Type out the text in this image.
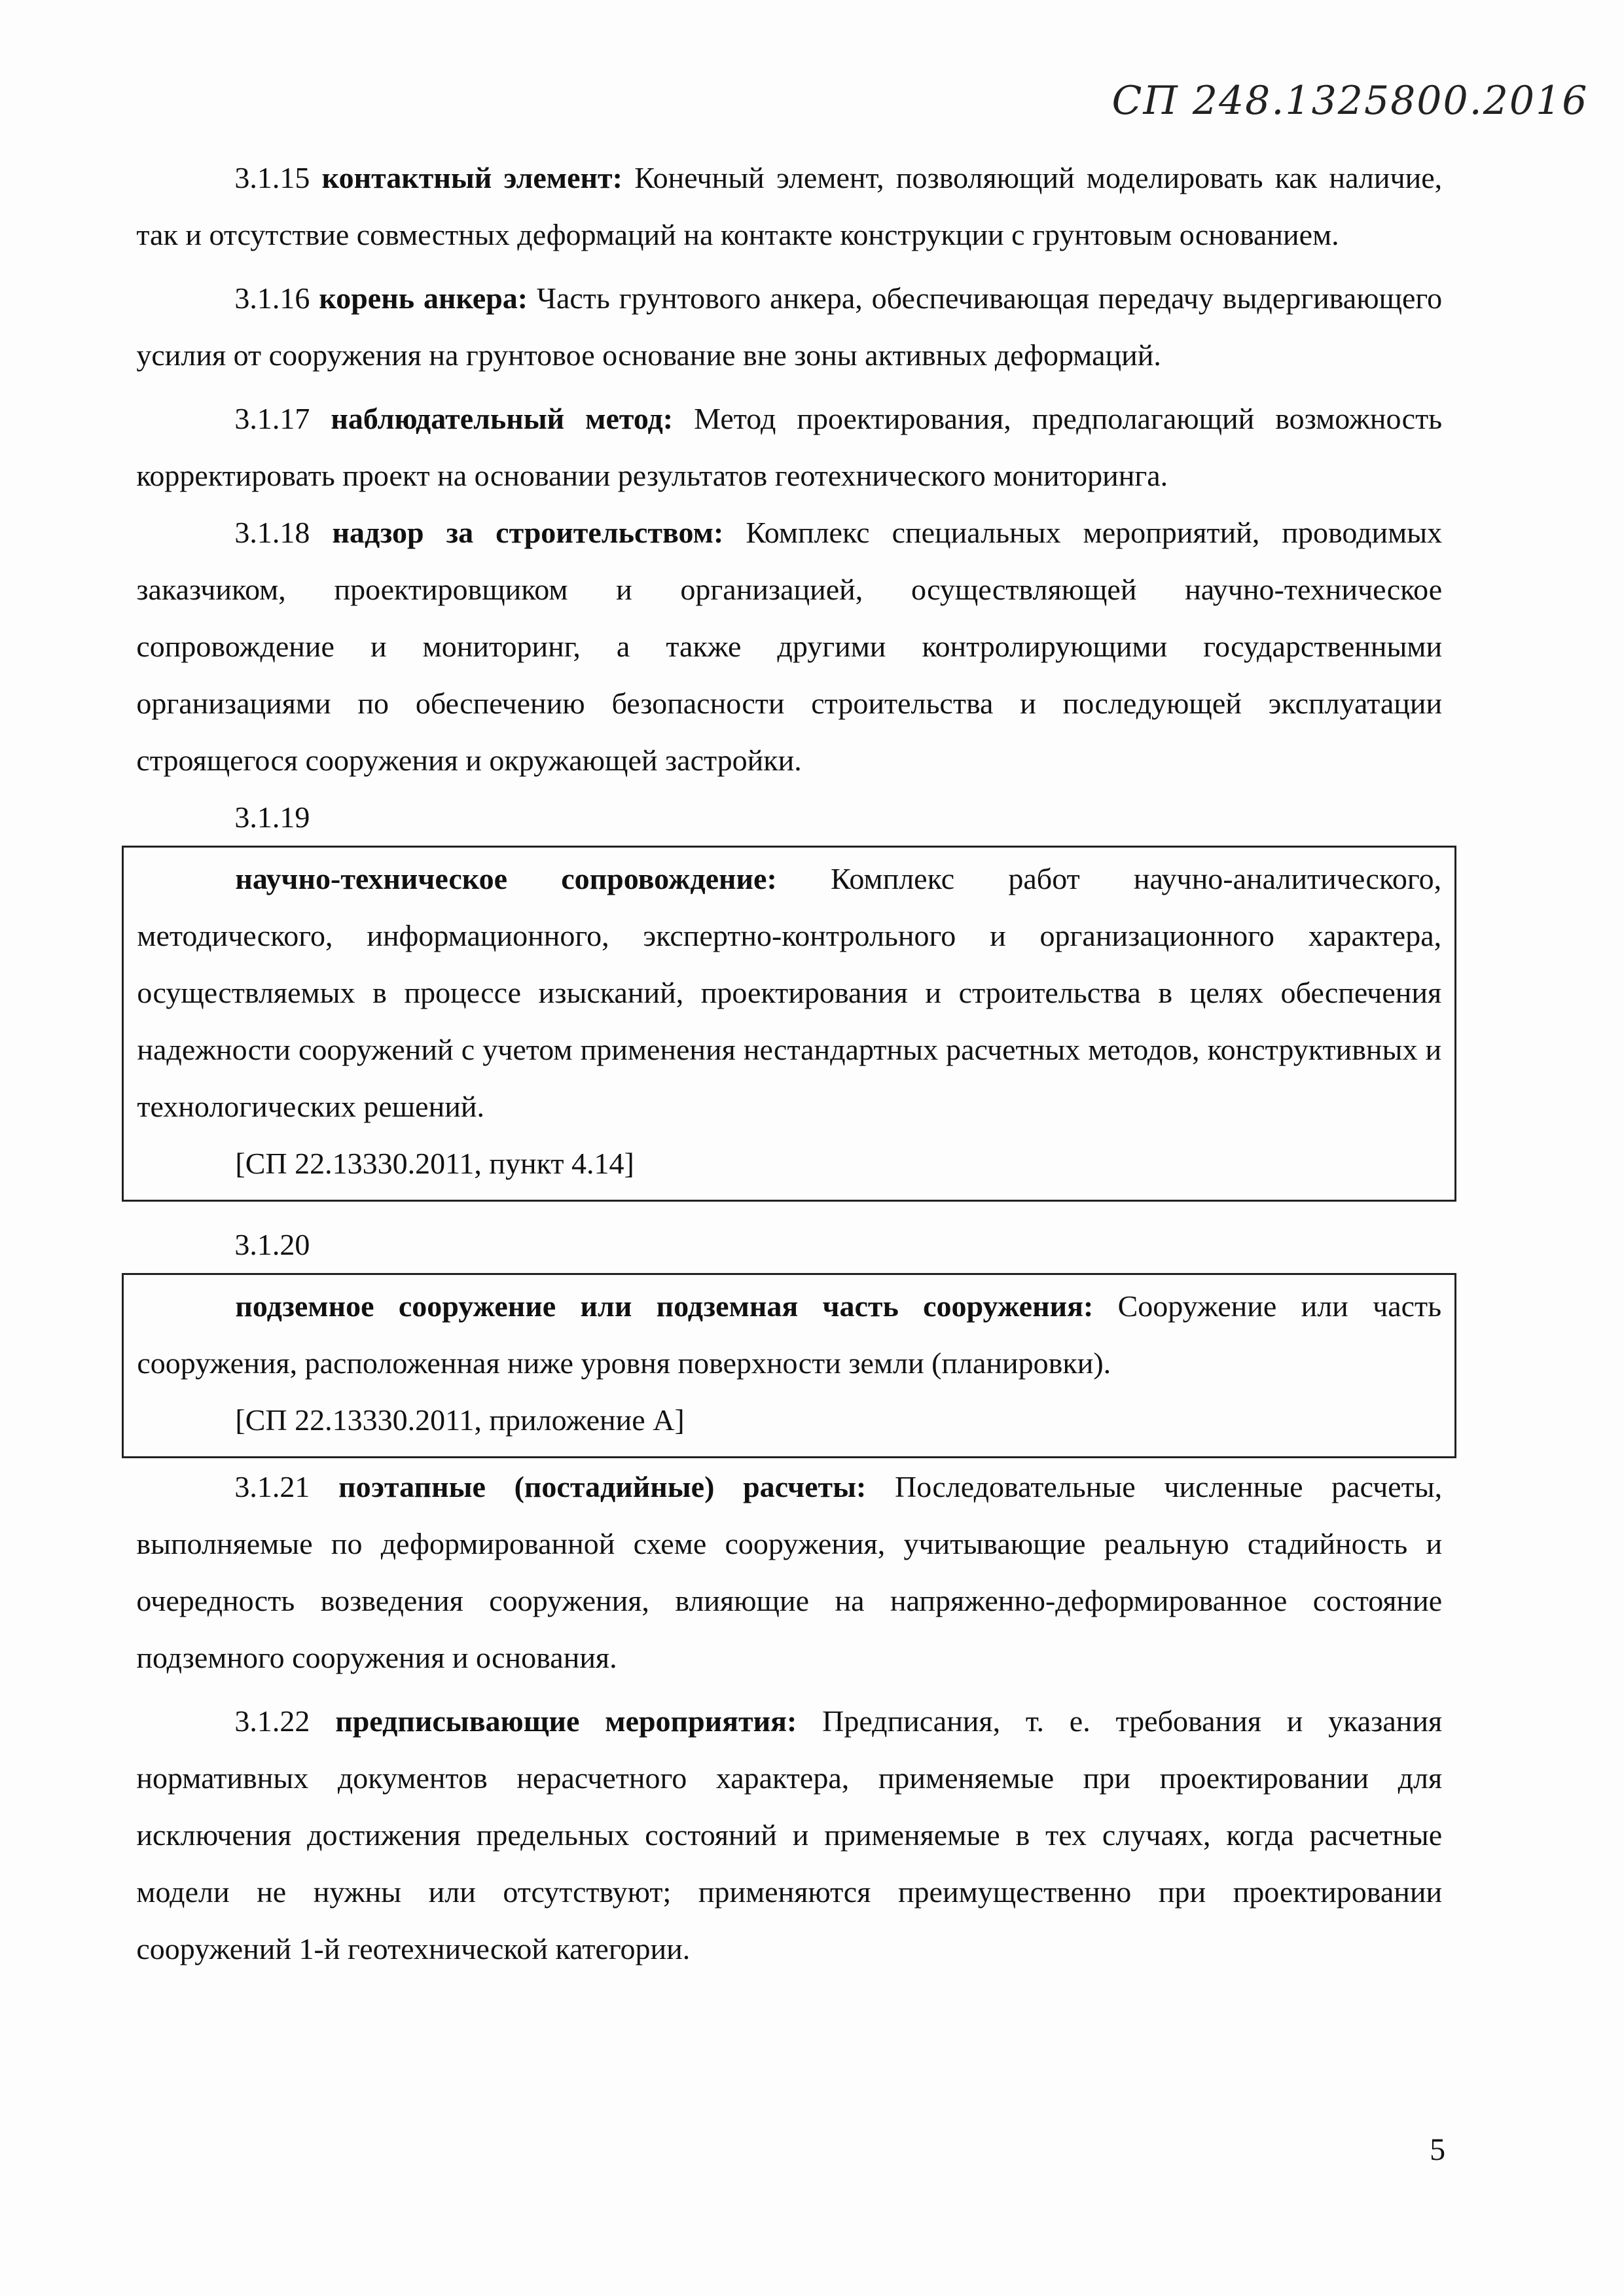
СП 248.1325800.2016

3.1.15 контактный элемент: Конечный элемент, позволяющий моделировать как наличие, так и отсутствие совместных деформаций на контакте конструкции с грунтовым основанием.

3.1.16 корень анкера: Часть грунтового анкера, обеспечивающая передачу выдергивающего усилия от сооружения на грунтовое основание вне зоны активных деформаций.

3.1.17 наблюдательный метод: Метод проектирования, предполагающий возможность корректировать проект на основании результатов геотехнического мониторинга.

3.1.18 надзор за строительством: Комплекс специальных мероприятий, проводимых заказчиком, проектировщиком и организацией, осуществляющей научно-техническое сопровождение и мониторинг, а также другими контролирующими государственными организациями по обеспечению безопасности строительства и последующей эксплуатации строящегося сооружения и окружающей застройки.

3.1.19

научно-техническое сопровождение: Комплекс работ научно-аналитического, методического, информационного, экспертно-контрольного и организационного характера, осуществляемых в процессе изысканий, проектирования и строительства в целях обеспечения надежности сооружений с учетом применения нестандартных расчетных методов, конструктивных и технологических решений.

[СП 22.13330.2011, пункт 4.14]

3.1.20

подземное сооружение или подземная часть сооружения: Сооружение или часть сооружения, расположенная ниже уровня поверхности земли (планировки).

[СП 22.13330.2011, приложение А]

3.1.21 поэтапные (постадийные) расчеты: Последовательные численные расчеты, выполняемые по деформированной схеме сооружения, учитывающие реальную стадийность и очередность возведения сооружения, влияющие на напряженно-деформированное состояние подземного сооружения и основания.

3.1.22 предписывающие мероприятия: Предписания, т. е. требования и указания нормативных документов нерасчетного характера, применяемые при проектировании для исключения достижения предельных состояний и применяемые в тех случаях, когда расчетные модели не нужны или отсутствуют; применяются преимущественно при проектировании сооружений 1-й геотехнической категории.

5
